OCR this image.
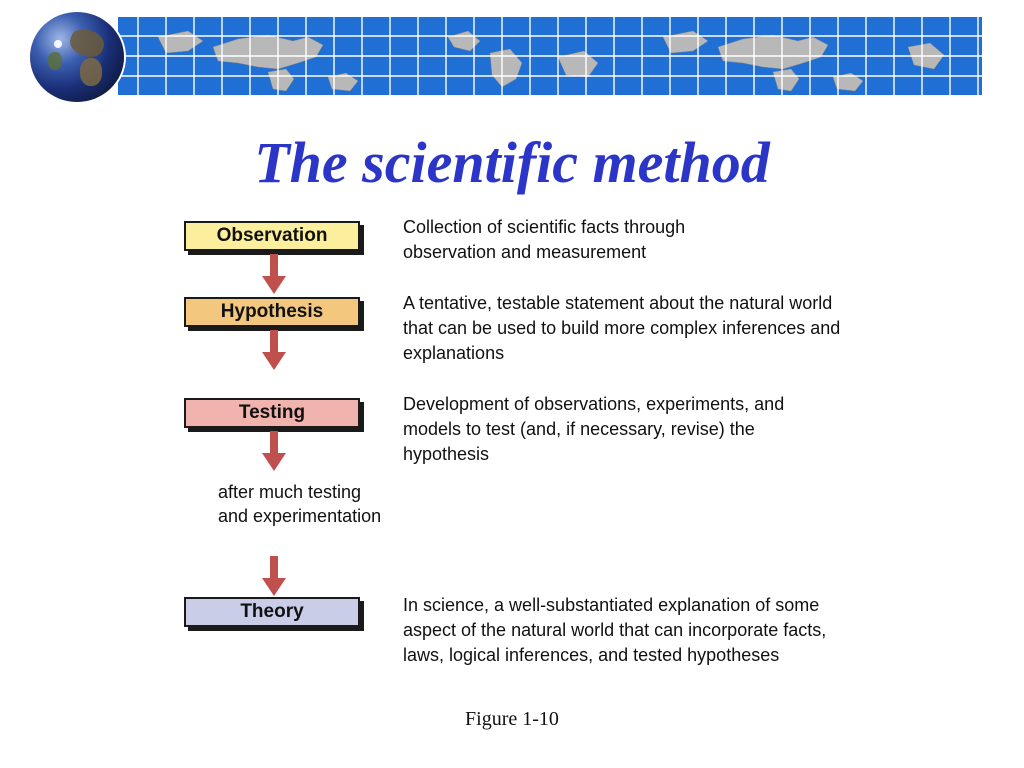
The scientific method
Observation	Collection of scientific facts through observation and measurement
Hypothesis	A tentative, testable statement about the natural world that can be used to build more complex inferences and explanations
Testing	Development of observations, experiments, and models to test (and, if necessary, revise) the hypothesis
after much testing and experimentation
Theory	In science, a well-substantiated explanation of some aspect of the natural world that can incorporate facts, laws, logical inferences, and tested hypotheses
Figure 1-10
